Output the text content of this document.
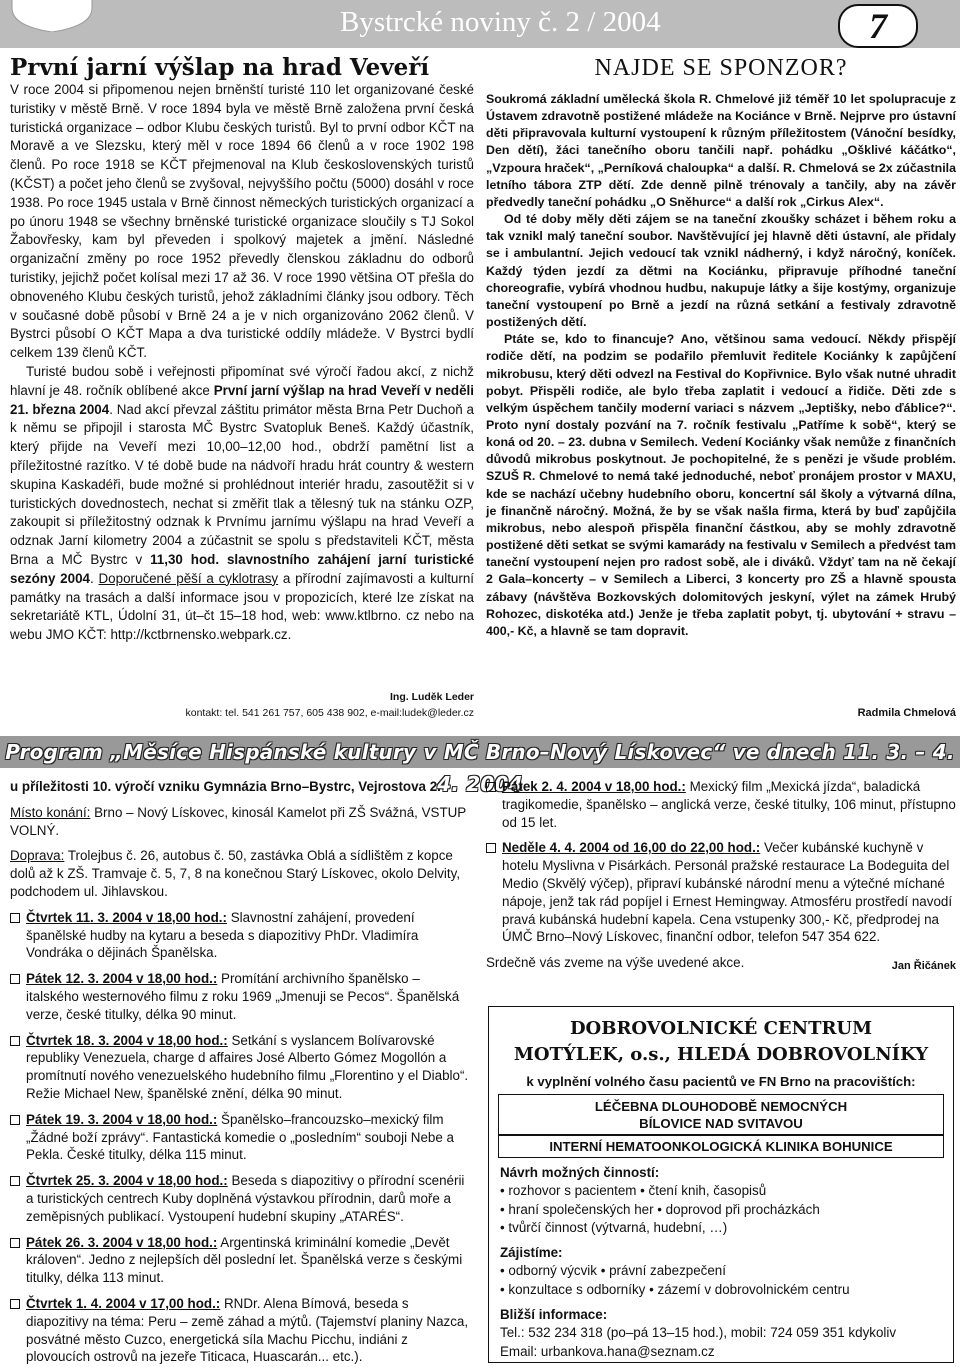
Bystrcké noviny č. 2 / 2004	7
První jarní výšlap na hrad Veveří

V roce 2004 si připomenou nejen brněnští turisté 110 let organizované české turistiky v městě Brně. V roce 1894 byla ve městě Brně založena první česká turistická organizace – odbor Klubu českých turistů. Byl to první odbor KČT na Moravě a ve Slezsku, který měl v roce 1894 66 členů a v roce 1902 198 členů. Po roce 1918 se KČT přejmenoval na Klub československých turistů (KČST) a počet jeho členů se zvyšoval, nejvyššího počtu (5000) dosáhl v roce 1938. Po roce 1945 ustala v Brně činnost německých turistických organizací a po únoru 1948 se všechny brněnské turistické organizace sloučily s TJ Sokol Žabovřesky, kam byl převeden i spolkový majetek a jmění. Následné organizační změny po roce 1952 převedly členskou základnu do odborů turistiky, jejichž počet kolísal mezi 17 až 36. V roce 1990 většina OT přešla do obnoveného Klubu českých turistů, jehož základními články jsou odbory. Těch v současné době působí v Brně 24 a je v nich organizováno 2062 členů. V Bystrci působí O KČT Mapa a dva turistické oddíly mládeže. V Bystrci bydlí celkem 139 členů KČT.

Turisté budou sobě i veřejnosti připomínat své výročí řadou akcí, z nichž hlavní je 48. ročník oblíbené akce První jarní výšlap na hrad Veveří v neděli 21. března 2004. Nad akcí převzal záštitu primátor města Brna Petr Duchoň a k němu se připojil i starosta MČ Bystrc Svatopluk Beneš. Každý účastník, který přijde na Veveří mezi 10,00–12,00 hod., obdrží pamětní list a příležitostné razítko. V té době bude na nádvoří hradu hrát country & western skupina Kaskadéři, bude možné si prohlédnout interiér hradu, zasoutěžit si v turistických dovednostech, nechat si změřit tlak a tělesný tuk na stánku OZP, zakoupit si příležitostný odznak k Prvnímu jarnímu výšlapu na hrad Veveří a odznak Jarní kilometry 2004 a zúčastnit se spolu s představiteli KČT, města Brna a MČ Bystrc v 11,30 hod. slavnostního zahájení jarní turistické sezóny 2004. Doporučené pěší a cyklotrasy a přírodní zajímavosti a kulturní památky na trasách a další informace jsou v propozicích, které lze získat na sekretariátě KTL, Údolní 31, út–čt 15–18 hod, web: www.ktlbrno. cz nebo na webu JMO KČT: http://kctbrnensko.webpark.cz.

Ing. Luděk Leder
kontakt: tel. 541 261 757, 605 438 902, e-mail:ludek@leder.cz
NAJDE SE SPONZOR?

Soukromá základní umělecká škola R. Chmelové již téměř 10 let spolupracuje z Ústavem zdravotně postižené mládeže na Kociánce v Brně. Nejprve pro ústavní děti připravovala kulturní vystoupení k různým příležitostem (Vánoční besídky, Den dětí), žáci tanečního oboru tančili např. pohádku „Ošklivé káčátko“, „Vzpoura hraček“, „Perníková chaloupka“ a další. R. Chmelová se 2x zúčastnila letního tábora ZTP dětí. Zde denně pilně trénovaly a tančily, aby na závěr předvedly taneční pohádku „O Sněhurce“ a další rok „Cirkus Alex“.

Od té doby měly děti zájem se na taneční zkoušky scházet i během roku a tak vznikl malý taneční soubor. Navštěvující jej hlavně děti ústavní, ale přidaly se i ambulantní. Jejich vedoucí tak vznikl nádherný, i když náročný, koníček. Každý týden jezdí za dětmi na Kociánku, připravuje příhodné taneční choreografie, vybírá vhodnou hudbu, nakupuje látky a šije kostýmy, organizuje taneční vystoupení po Brně a jezdí na různá setkání a festivaly zdravotně postižených dětí.

Ptáte se, kdo to financuje? Ano, většinou sama vedoucí. Někdy přispějí rodiče dětí, na podzim se podařilo přemluvit ředitele Kociánky k zapůjčení mikrobusu, který děti odvezl na Festival do Kopřivnice. Bylo však nutné uhradit pobyt. Přispěli rodiče, ale bylo třeba zaplatit i vedoucí a řidiče. Děti zde s velkým úspěchem tančily moderní variaci s názvem „Jeptišky, nebo ďáblice?“. Proto nyní dostaly pozvání na 7. ročník festivalu „Patříme k sobě“, který se koná od 20. – 23. dubna v Semilech. Vedení Kociánky však nemůže z finančních důvodů mikrobus poskytnout. Je pochopitelné, že s penězi je všude problém. SZUŠ R. Chmelové to nemá také jednoduché, neboť pronájem prostor v MAXU, kde se nachází učebny hudebního oboru, koncertní sál školy a výtvarná dílna, je finančně náročný. Možná, že by se však našla firma, která by buď zapůjčila mikrobus, nebo alespoň přispěla finanční částkou, aby se mohly zdravotně postižené děti setkat se svými kamarády na festivalu v Semilech a předvést tam taneční vystoupení nejen pro radost sobě, ale i diváků. Vždyť tam na ně čekají 2 Gala–koncerty – v Semilech a Liberci, 3 koncerty pro ZŠ a hlavně spousta zábavy (návštěva Bozkovských dolomitových jeskyní, výlet na zámek Hrubý Rohozec, diskotéka atd.) Jenže je třeba zaplatit pobyt, tj. ubytování + stravu – 400,- Kč, a hlavně se tam dopravit.

Radmila Chmelová
Program „Měsíce Hispánské kultury v MČ Brno–Nový Lískovec“ ve dnech 11. 3. – 4. 4. 2004

u příležitosti 10. výročí vzniku Gymnázia Brno–Bystrc, Vejrostova 2.

Místo konání: Brno – Nový Lískovec, kinosál Kamelot při ZŠ Svážná, VSTUP VOLNÝ.

Doprava: Trolejbus č. 26, autobus č. 50, zastávka Oblá a sídlištěm z kopce dolů až k ZŠ. Tramvaje č. 5, 7, 8 na konečnou Starý Lískovec, okolo Delvity, podchodem ul. Jihlavskou.

Čtvrtek 11. 3. 2004 v 18,00 hod.: Slavnostní zahájení, provedení španělské hudby na kytaru a beseda s diapozitivy PhDr. Vladimíra Vondráka o dějinách Španělska.
Pátek 12. 3. 2004 v 18,00 hod.: Promítání archivního španělsko – italského westernového filmu z roku 1969 „Jmenuji se Pecos“. Španělská verze, české titulky, délka 90 minut.
Čtvrtek 18. 3. 2004 v 18,00 hod.: Setkání s vyslancem Bolívarovské republiky Venezuela, charge d affaires José Alberto Gómez Mogollón a promítnutí nového venezuelského hudebního filmu „Florentino y el Diablo“. Režie Michael New, španělské znění, délka 90 minut.
Pátek 19. 3. 2004 v 18,00 hod.: Španělsko–francouzsko–mexický film „Žádné boží zprávy“. Fantastická komedie o „posledním“ souboji Nebe a Pekla. České titulky, délka 115 minut.
Čtvrtek 25. 3. 2004 v 18,00 hod.: Beseda s diapozitivy o přírodní scenérii a turistických centrech Kuby doplněná výstavkou přírodnin, darů moře a zeměpisných publikací. Vystoupení hudební skupiny „ATARÉS“.
Pátek 26. 3. 2004 v 18,00 hod.: Argentinská kriminální komedie „Devět královen“. Jedno z nejlepších děl poslední let. Španělská verze s českými titulky, délka 113 minut.
Čtvrtek 1. 4. 2004 v 17,00 hod.: RNDr. Alena Bímová, beseda s diapozitivy na téma: Peru – země záhad a mýtů. (Tajemství planiny Nazca, posvátné město Cuzco, energetická síla Machu Picchu, indiáni z plovoucích ostrovů na jezeře Titicaca, Huascarán... etc.).
Pátek 2. 4. 2004 v 18,00 hod.: Mexický film „Mexická jízda“, baladická tragikomedie, španělsko – anglická verze, české titulky, 106 minut, přístupno od 15 let.
Neděle 4. 4. 2004 od 16,00 do 22,00 hod.: Večer kubánské kuchyně v hotelu Myslivna v Pisárkách. Personál pražské restaurace La Bodeguita del Medio (Skvělý výčep), připraví kubánské národní menu a výtečné míchané nápoje, jenž tak rád popíjel i Ernest Hemingway. Atmosféru prostředí navodí pravá kubánská hudební kapela. Cena vstupenky 300,- Kč, předprodej na ÚMČ Brno–Nový Lískovec, finanční odbor, telefon 547 354 622.

Srdečně vás zveme na výše uvedené akce.	Jan Řičánek

DOBROVOLNICKÉ CENTRUM
MOTÝLEK, o.s., HLEDÁ DOBROVOLNÍKY
k vyplnění volného času pacientů ve FN Brno na pracovištích:
LÉČEBNA DLOUHODOBĚ NEMOCNÝCH
BÍLOVICE NAD SVITAVOU
INTERNÍ HEMATOONKOLOGICKÁ KLINIKA BOHUNICE
Návrh možných činností:
• rozhovor s pacientem • čtení knih, časopisů
• hraní společenských her • doprovod při procházkách
• tvůrčí činnost (výtvarná, hudební, …)
Zájistíme:
• odborný výcvik • právní zabezpečení
• konzultace s odborníky • zázemí v dobrovolnickém centru
Bližší informace:
Tel.: 532 234 318 (po–pá 13–15 hod.), mobil: 724 059 351 kdykoliv
Email: urbankova.hana@seznam.cz
